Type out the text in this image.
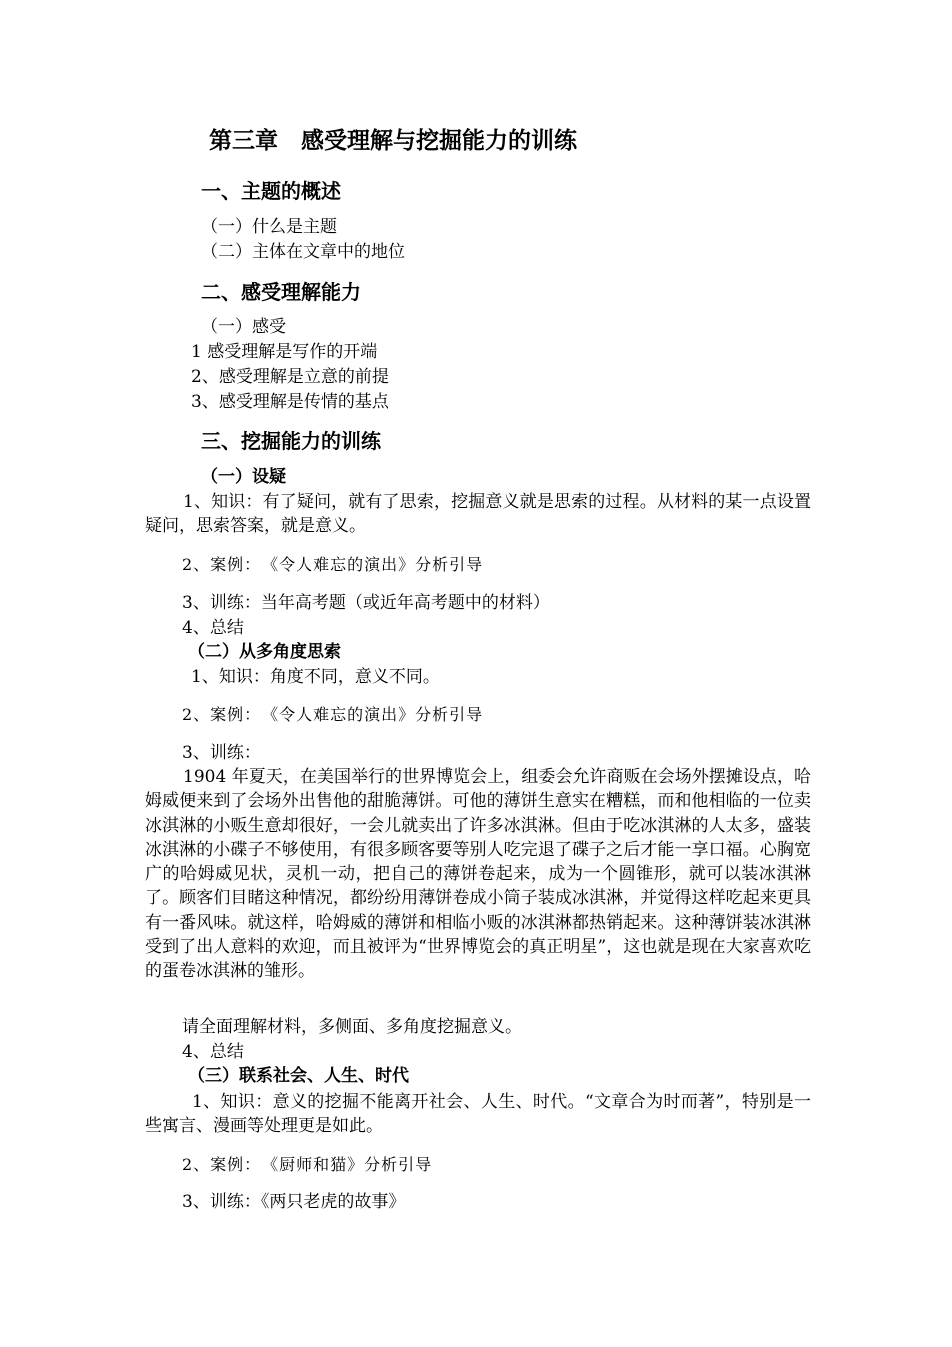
第三章　感受理解与挖掘能力的训练
一、主题的概述
（一）什么是主题
（二）主体在文章中的地位
二、感受理解能力
（一）感受
1 感受理解是写作的开端
2、感受理解是立意的前提
3、感受理解是传情的基点
三、挖掘能力的训练
（一）设疑

1、知识：有了疑问，就有了思索，挖掘意义就是思索的过程。从材料的某一点设置疑问，思索答案，就是意义。

2、案例：　《令人难忘的演出》分析引导
3、训练：当年高考题（或近年高考题中的材料）
4、总结
（二）从多角度思索
1、知识：角度不同，意义不同。
2、案例：　《令人难忘的演出》分析引导
3、训练：

1904 年夏天，在美国举行的世界博览会上，组委会允许商贩在会场外摆摊设点，哈姆威便来到了会场外出售他的甜脆薄饼。可他的薄饼生意实在糟糕，而和他相临的一位卖冰淇淋的小贩生意却很好，一会儿就卖出了许多冰淇淋。但由于吃冰淇淋的人太多，盛装冰淇淋的小碟子不够使用，有很多顾客要等别人吃完退了碟子之后才能一享口福。心胸宽广的哈姆威见状，灵机一动，把自己的薄饼卷起来，成为一个圆锥形，就可以装冰淇淋了。顾客们目睹这种情况，都纷纷用薄饼卷成小筒子装成冰淇淋，并觉得这样吃起来更具有一番风味。就这样，哈姆威的薄饼和相临小贩的冰淇淋都热销起来。这种薄饼装冰淇淋受到了出人意料的欢迎，而且被评为“世界博览会的真正明星”，这也就是现在大家喜欢吃的蛋卷冰淇淋的雏形。

请全面理解材料，多侧面、多角度挖掘意义。
4、总结
（三）联系社会、人生、时代

1、知识：意义的挖掘不能离开社会、人生、时代。“文章合为时而著”，特别是一些寓言、漫画等处理更是如此。

2、案例：　《厨师和猫》分析引导
3、训练：《两只老虎的故事》
